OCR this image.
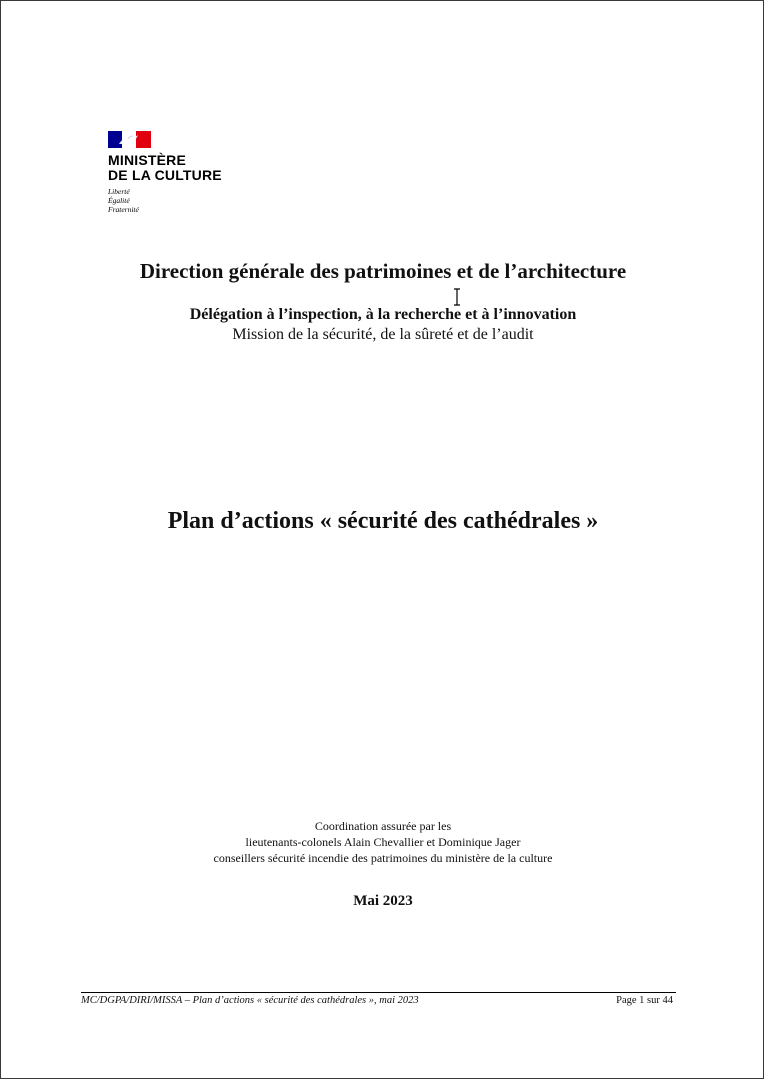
MINISTÈRE
DE LA CULTURE
Liberté
Égalité
Fraternité
Direction générale des patrimoines et de l’architecture
Délégation à l’inspection, à la recherche et à l’innovation
Mission de la sécurité, de la sûreté et de l’audit
Plan d’actions « sécurité des cathédrales »
Coordination assurée par les
lieutenants-colonels Alain Chevallier et Dominique Jager
conseillers sécurité incendie des patrimoines du ministère de la culture
Mai 2023
MC/DGPA/DIRI/MISSA – Plan d’actions « sécurité des cathédrales », mai 2023	Page 1 sur 44
